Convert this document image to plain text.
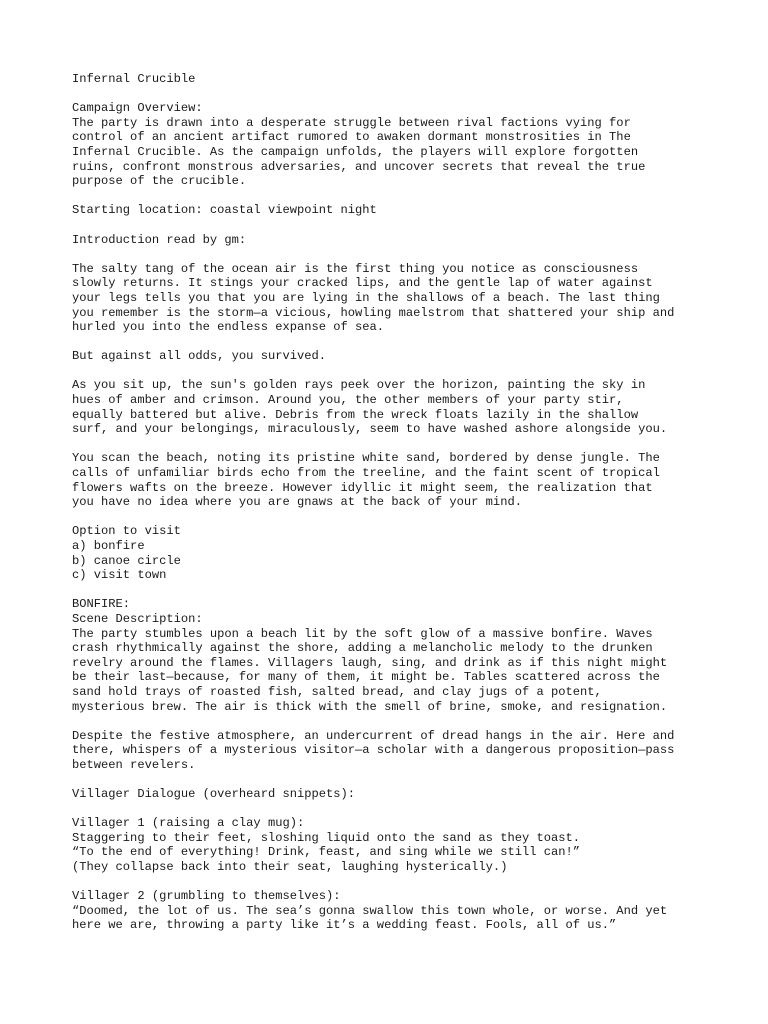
Infernal Crucible
Campaign Overview:
The party is drawn into a desperate struggle between rival factions vying for
control of an ancient artifact rumored to awaken dormant monstrosities in The
Infernal Crucible. As the campaign unfolds, the players will explore forgotten
ruins, confront monstrous adversaries, and uncover secrets that reveal the true
purpose of the crucible.
Starting location: coastal viewpoint night
Introduction read by gm:
The salty tang of the ocean air is the first thing you notice as consciousness
slowly returns. It stings your cracked lips, and the gentle lap of water against
your legs tells you that you are lying in the shallows of a beach. The last thing
you remember is the storm—a vicious, howling maelstrom that shattered your ship and
hurled you into the endless expanse of sea.
But against all odds, you survived.
As you sit up, the sun's golden rays peek over the horizon, painting the sky in
hues of amber and crimson. Around you, the other members of your party stir,
equally battered but alive. Debris from the wreck floats lazily in the shallow
surf, and your belongings, miraculously, seem to have washed ashore alongside you.
You scan the beach, noting its pristine white sand, bordered by dense jungle. The
calls of unfamiliar birds echo from the treeline, and the faint scent of tropical
flowers wafts on the breeze. However idyllic it might seem, the realization that
you have no idea where you are gnaws at the back of your mind.
Option to visit
a) bonfire
b) canoe circle
c) visit town
BONFIRE:
Scene Description:
The party stumbles upon a beach lit by the soft glow of a massive bonfire. Waves
crash rhythmically against the shore, adding a melancholic melody to the drunken
revelry around the flames. Villagers laugh, sing, and drink as if this night might
be their last—because, for many of them, it might be. Tables scattered across the
sand hold trays of roasted fish, salted bread, and clay jugs of a potent,
mysterious brew. The air is thick with the smell of brine, smoke, and resignation.
Despite the festive atmosphere, an undercurrent of dread hangs in the air. Here and
there, whispers of a mysterious visitor—a scholar with a dangerous proposition—pass
between revelers.
Villager Dialogue (overheard snippets):
Villager 1 (raising a clay mug):
Staggering to their feet, sloshing liquid onto the sand as they toast.
“To the end of everything! Drink, feast, and sing while we still can!”
(They collapse back into their seat, laughing hysterically.)
Villager 2 (grumbling to themselves):
“Doomed, the lot of us. The sea’s gonna swallow this town whole, or worse. And yet
here we are, throwing a party like it’s a wedding feast. Fools, all of us.”
